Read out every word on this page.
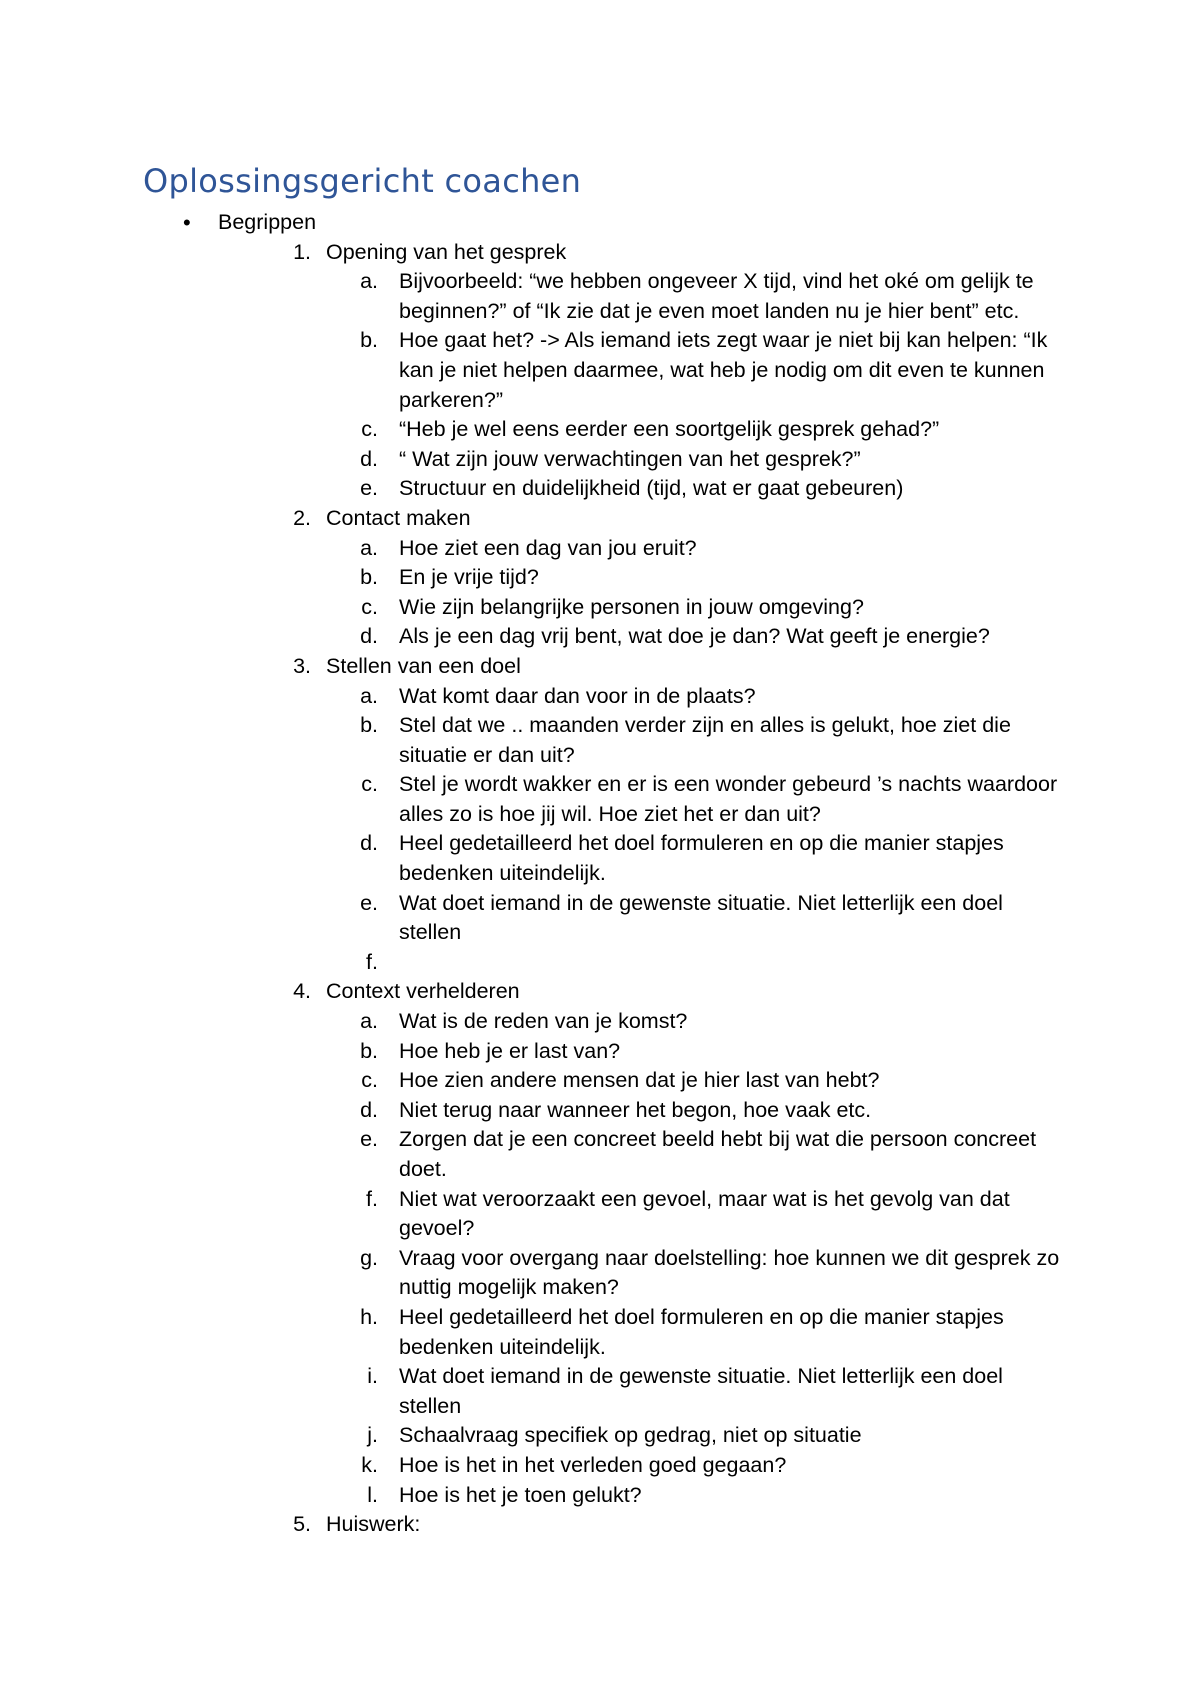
Oplossingsgericht coachen
• Begrippen
1. Opening van het gesprek
a. Bijvoorbeeld: “we hebben ongeveer X tijd, vind het oké om gelijk te beginnen?” of “Ik zie dat je even moet landen nu je hier bent” etc.
b. Hoe gaat het? -> Als iemand iets zegt waar je niet bij kan helpen: “Ik kan je niet helpen daarmee, wat heb je nodig om dit even te kunnen parkeren?”
c. “Heb je wel eens eerder een soortgelijk gesprek gehad?”
d. “ Wat zijn jouw verwachtingen van het gesprek?”
e. Structuur en duidelijkheid (tijd, wat er gaat gebeuren)
2. Contact maken
a. Hoe ziet een dag van jou eruit?
b. En je vrije tijd?
c. Wie zijn belangrijke personen in jouw omgeving?
d. Als je een dag vrij bent, wat doe je dan? Wat geeft je energie?
3. Stellen van een doel
a. Wat komt daar dan voor in de plaats?
b. Stel dat we .. maanden verder zijn en alles is gelukt, hoe ziet die situatie er dan uit?
c. Stel je wordt wakker en er is een wonder gebeurd ’s nachts waardoor alles zo is hoe jij wil. Hoe ziet het er dan uit?
d. Heel gedetailleerd het doel formuleren en op die manier stapjes bedenken uiteindelijk.
e. Wat doet iemand in de gewenste situatie. Niet letterlijk een doel stellen
f.

4. Context verhelderen
a. Wat is de reden van je komst?
b. Hoe heb je er last van?
c. Hoe zien andere mensen dat je hier last van hebt?
d. Niet terug naar wanneer het begon, hoe vaak etc.
e. Zorgen dat je een concreet beeld hebt bij wat die persoon concreet doet.
f. Niet wat veroorzaakt een gevoel, maar wat is het gevolg van dat gevoel?
g. Vraag voor overgang naar doelstelling: hoe kunnen we dit gesprek zo nuttig mogelijk maken?
h. Heel gedetailleerd het doel formuleren en op die manier stapjes bedenken uiteindelijk.
i. Wat doet iemand in de gewenste situatie. Niet letterlijk een doel stellen
j. Schaalvraag specifiek op gedrag, niet op situatie
k. Hoe is het in het verleden goed gegaan?
l. Hoe is het je toen gelukt?
5. Huiswerk:
